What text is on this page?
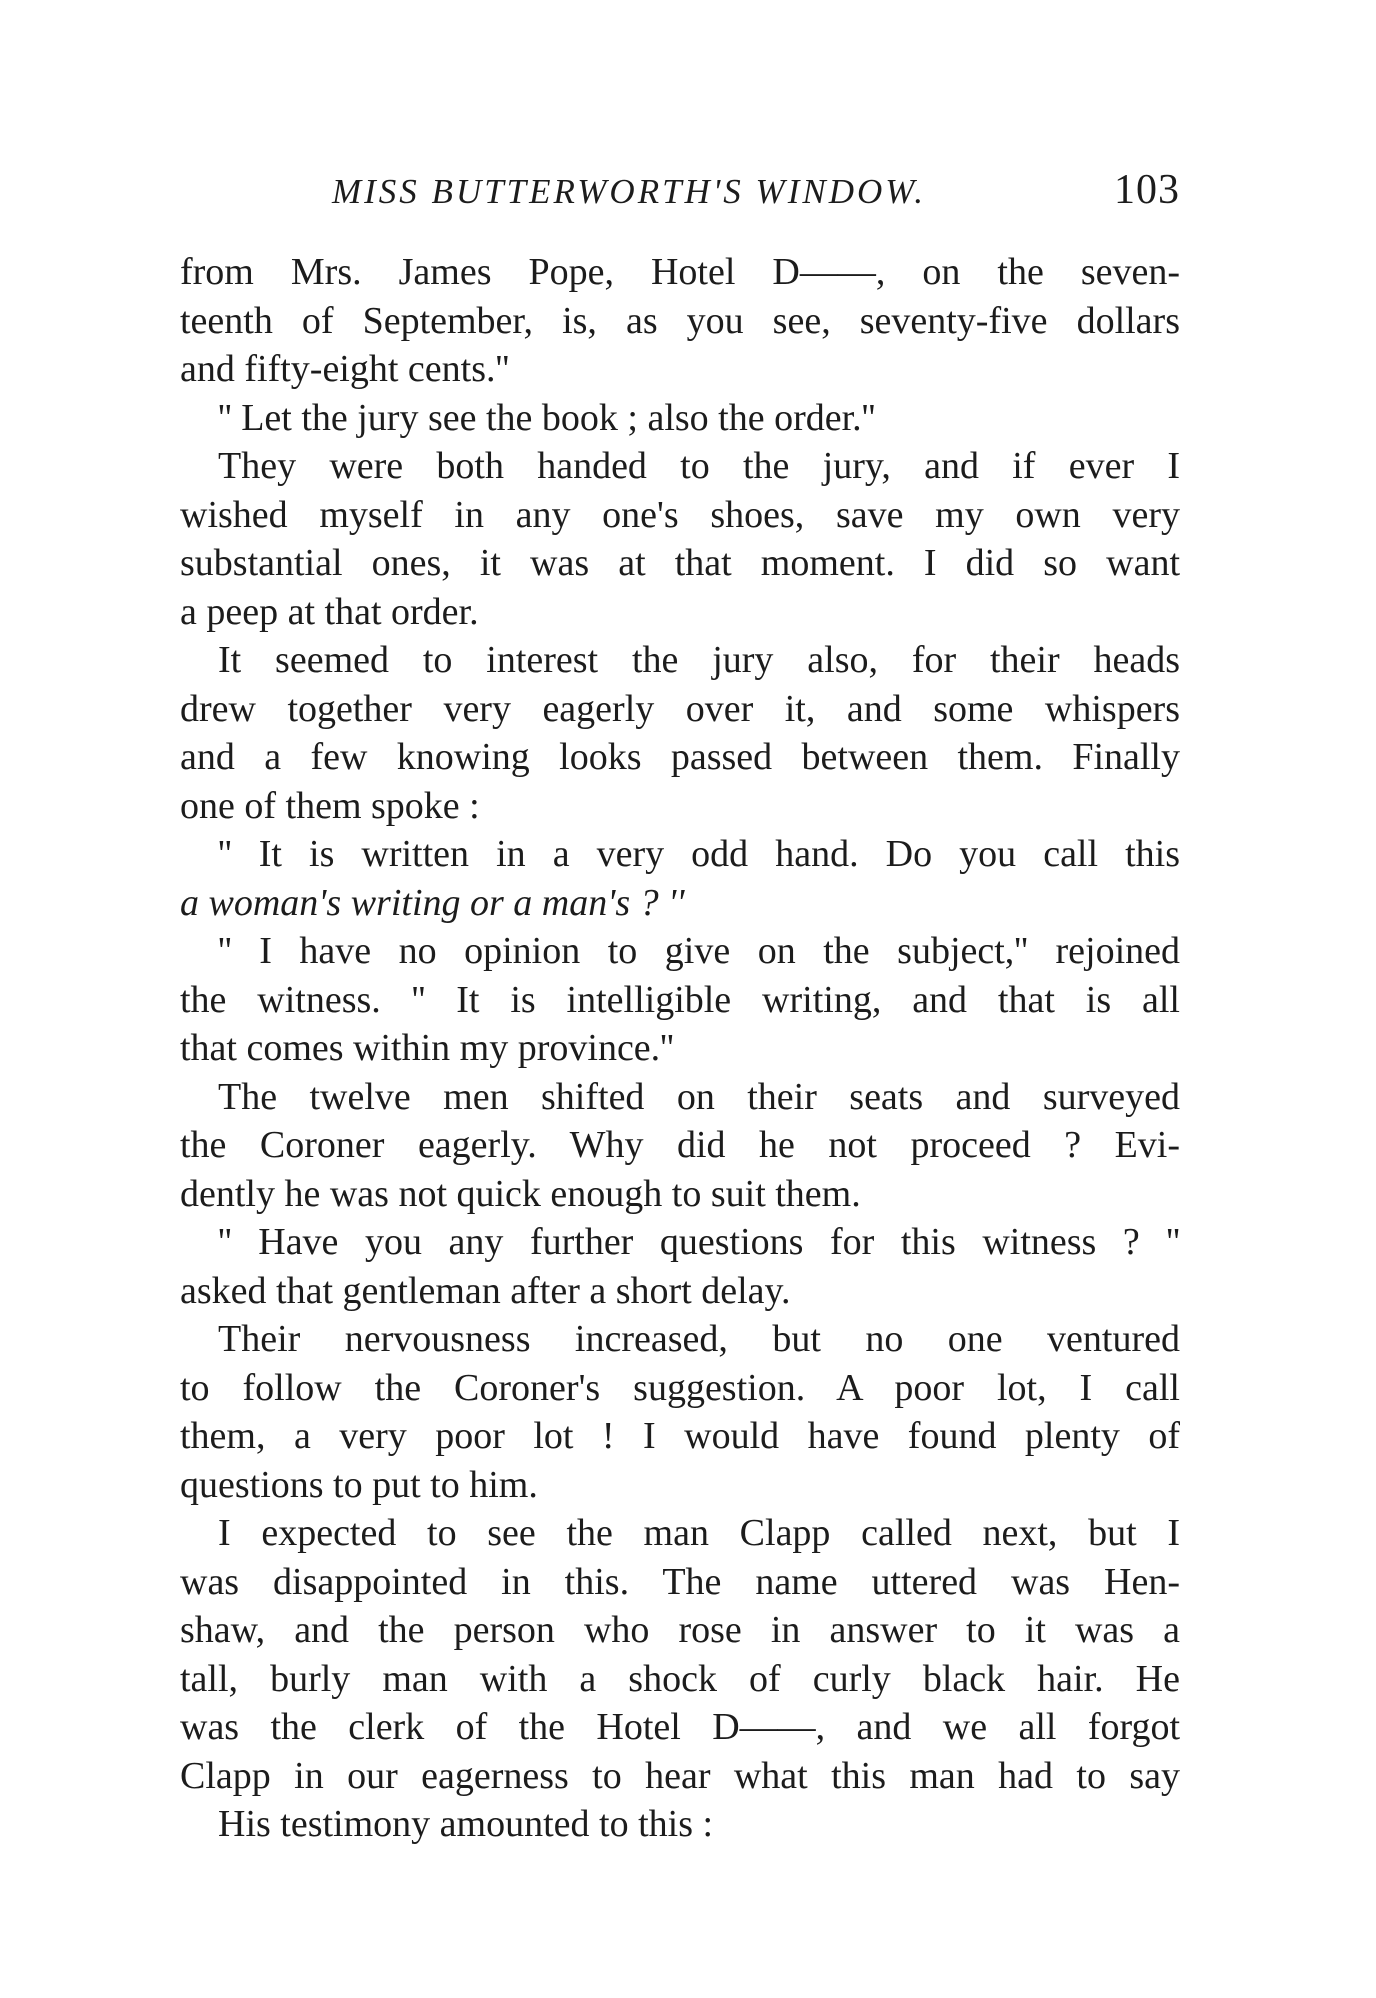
MISS BUTTERWORTH'S WINDOW.	103
from Mrs. James Pope, Hotel D——, on the seven-
teenth of September, is, as you see, seventy-five dollars
and fifty-eight cents.''
'' Let the jury see the book ; also the order.''
They were both handed to the jury, and if ever I
wished myself in any one's shoes, save my own very
substantial ones, it was at that moment. I did so want
a peep at that order.
It seemed to interest the jury also, for their heads
drew together very eagerly over it, and some whispers
and a few knowing looks passed between them. Finally
one of them spoke :
'' It is written in a very odd hand. Do you call this
a woman's writing or a man's ? ''
'' I have no opinion to give on the subject,'' rejoined
the witness. '' It is intelligible writing, and that is all
that comes within my province.''
The twelve men shifted on their seats and surveyed
the Coroner eagerly. Why did he not proceed ? Evi-
dently he was not quick enough to suit them.
'' Have you any further questions for this witness ? ''
asked that gentleman after a short delay.
Their nervousness increased, but no one ventured
to follow the Coroner's suggestion. A poor lot, I call
them, a very poor lot ! I would have found plenty of
questions to put to him.
I expected to see the man Clapp called next, but I
was disappointed in this. The name uttered was Hen-
shaw, and the person who rose in answer to it was a
tall, burly man with a shock of curly black hair. He
was the clerk of the Hotel D——, and we all forgot
Clapp in our eagerness to hear what this man had to say
His testimony amounted to this :
